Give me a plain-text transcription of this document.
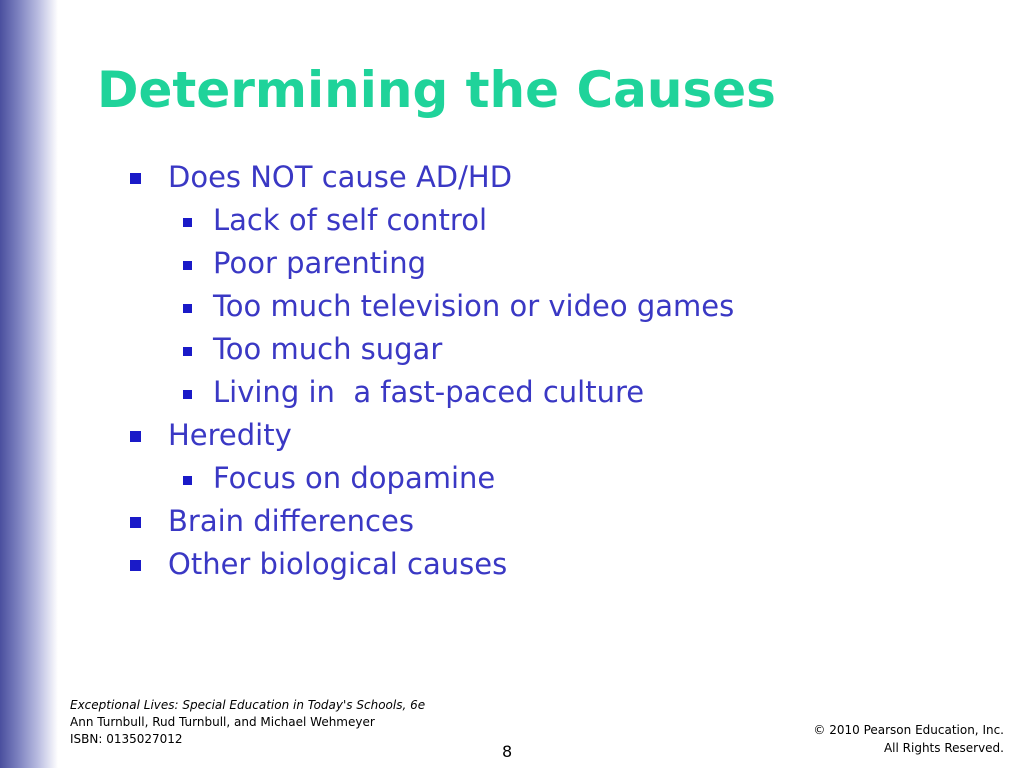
Determining the Causes
Does NOT cause AD/HD
Lack of self control
Poor parenting
Too much television or video games
Too much sugar
Living in  a fast-paced culture
Heredity
Focus on dopamine
Brain differences
Other biological causes
Exceptional Lives: Special Education in Today's Schools, 6e
Ann Turnbull, Rud Turnbull, and Michael Wehmeyer
ISBN: 0135027012
8
© 2010 Pearson Education, Inc.
All Rights Reserved.
